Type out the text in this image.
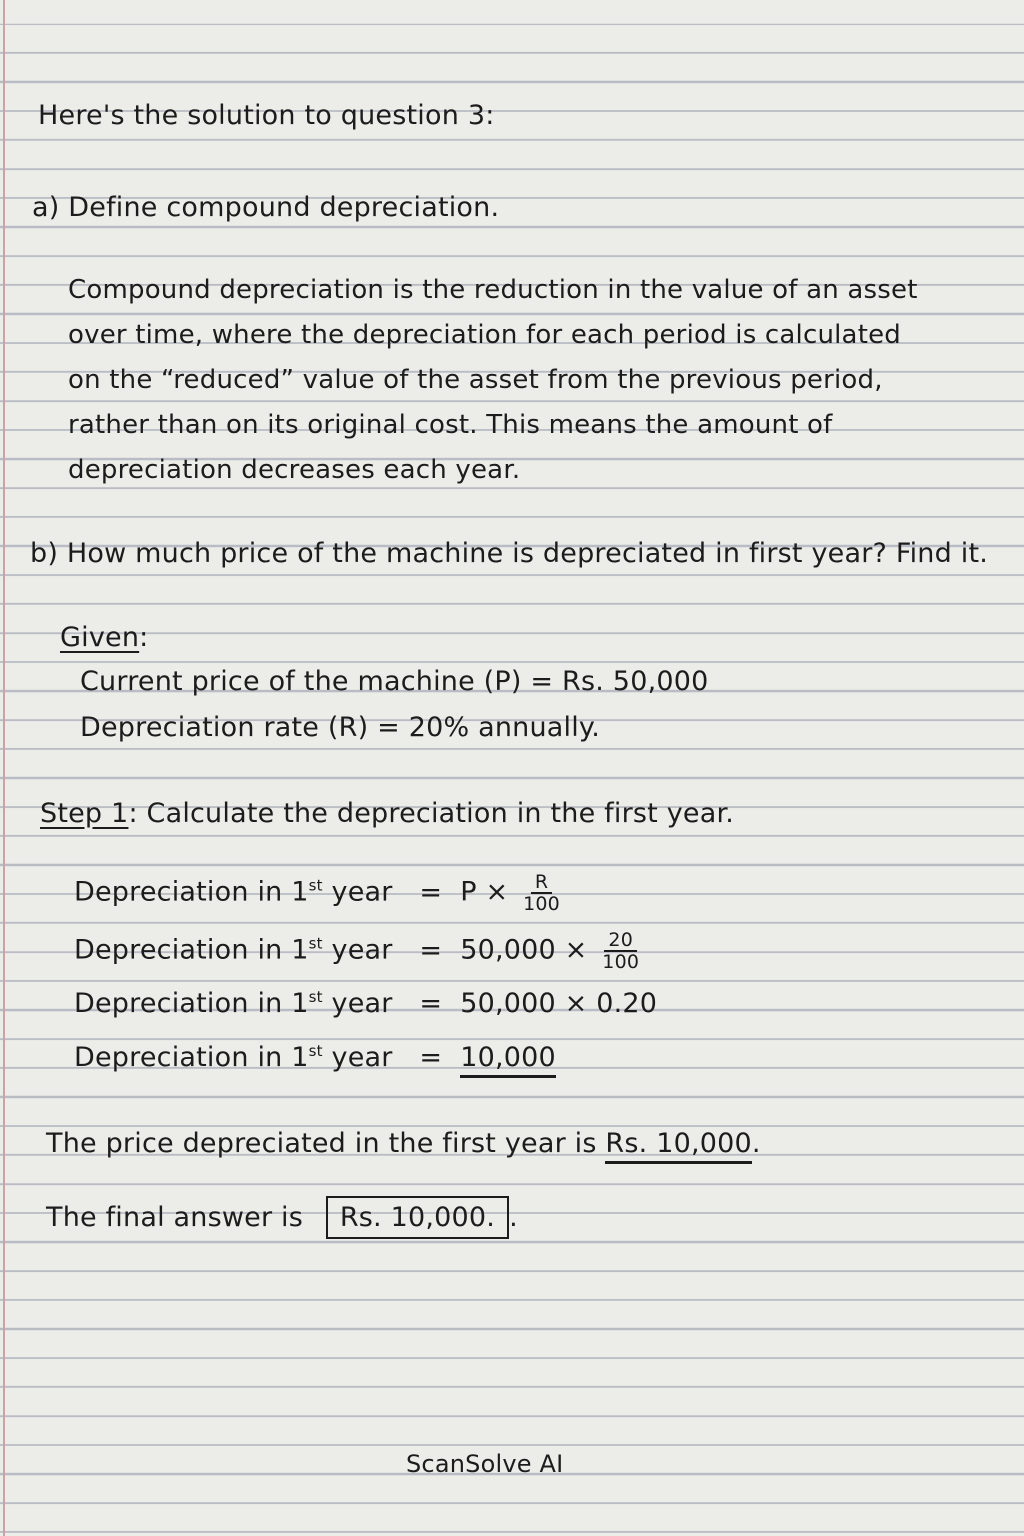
Here's the solution to question 3:
a) Define compound depreciation.
Compound depreciation is the reduction in the value of an asset
over time, where the depreciation for each period is calculated
on the “reduced” value of the asset from the previous period,
rather than on its original cost. This means the amount of
depreciation decreases each year.
b) How much price of the machine is depreciated in first year? Find it.
Given:
Current price of the machine (P) = Rs. 50,000
Depreciation rate (R) = 20% annually.
Step 1: Calculate the depreciation in the first year.
Depreciation in 1st year = $P \times \frac{R}{100}$
Depreciation in 1st year = $50,000 \times \frac{20}{100}$
Depreciation in 1st year = 50,000 × 0.20
Depreciation in 1st year = 10,000
The price depreciated in the first year is Rs. 10,000.
The final answer is Rs. 10,000. .
ScanSolve AI
